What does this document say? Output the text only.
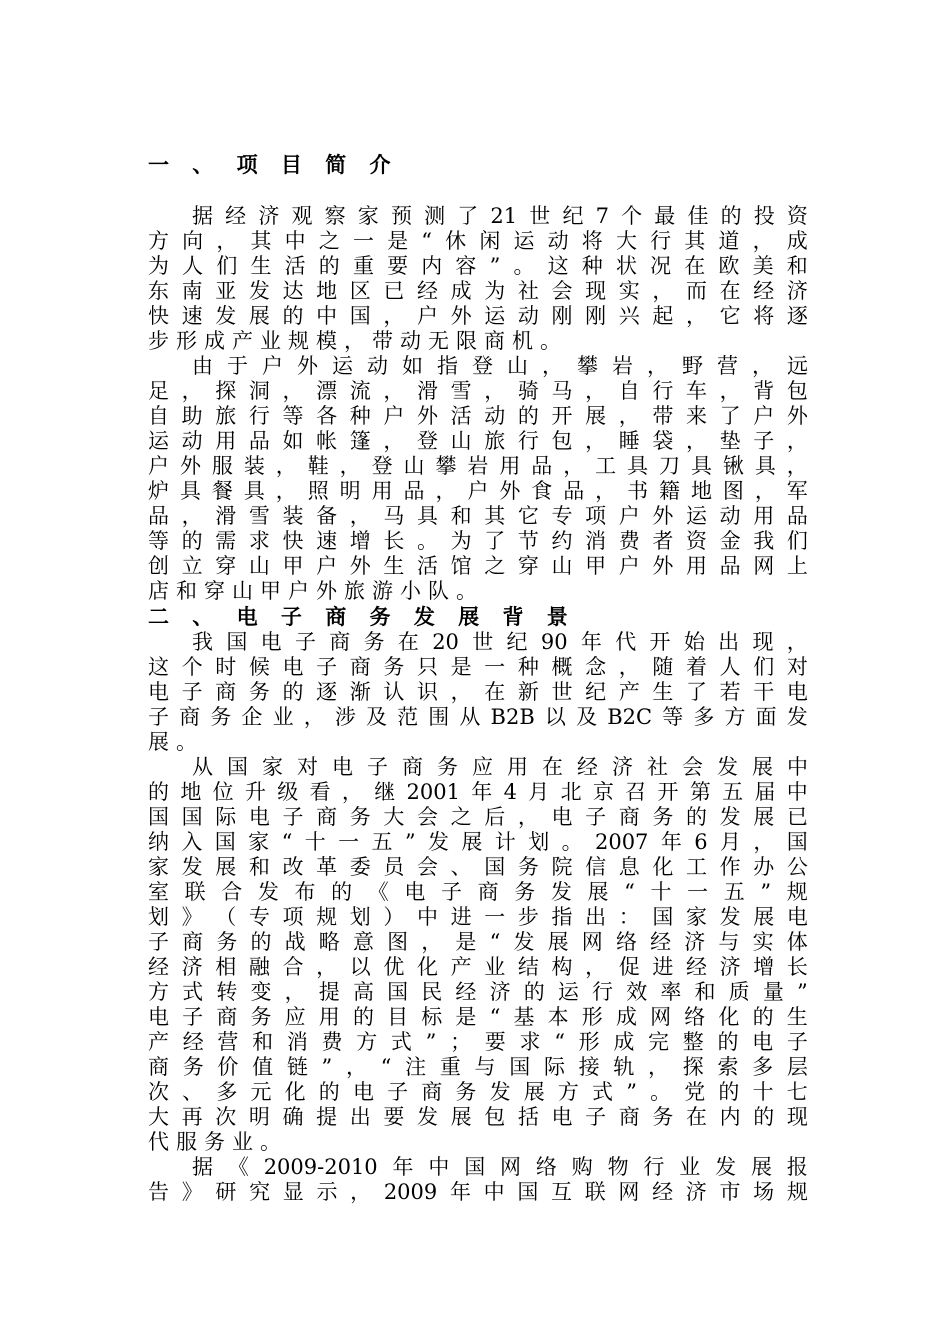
一 、 项 目 简 介
据 经 济 观 察 家 预 测 了 21 世 纪 7 个 最 佳 的 投 资
方 向 ， 其 中 之 一 是 “ 休 闲 运 动 将 大 行 其 道 ， 成
为 人 们 生 活 的 重 要 内 容 ” 。 这 种 状 况 在 欧 美 和
东 南 亚 发 达 地 区 已 经 成 为 社 会 现 实 ， 而 在 经 济
快 速 发 展 的 中 国 ， 户 外 运 动 刚 刚 兴 起 ， 它 将 逐
步形成产业规模，带动无限商机。
由 于 户 外 运 动 如 指 登 山 ， 攀 岩 ， 野 营 ， 远
足 ， 探 洞 ， 漂 流 ， 滑 雪 ， 骑 马 ， 自 行 车 ， 背 包
自 助 旅 行 等 各 种 户 外 活 动 的 开 展 ， 带 来 了 户 外
运 动 用 品 如 帐 篷 ， 登 山 旅 行 包 ， 睡 袋 ， 垫 子 ，
户 外 服 装 ， 鞋 ， 登 山 攀 岩 用 品 ， 工 具 刀 具 锹 具 ，
炉 具 餐 具 ， 照 明 用 品 ， 户 外 食 品 ， 书 籍 地 图 ， 军
品 ， 滑 雪 装 备 ， 马 具 和 其 它 专 项 户 外 运 动 用 品
等 的 需 求 快 速 增 长 。 为 了 节 约 消 费 者 资 金 我 们
创 立 穿 山 甲 户 外 生 活 馆 之 穿 山 甲 户 外 用 品 网 上
店和穿山甲户外旅游小队。
二 、 电 子 商 务 发 展 背 景
我 国 电 子 商 务 在 20 世 纪 90 年 代 开 始 出 现 ，
这 个 时 候 电 子 商 务 只 是 一 种 概 念 ， 随 着 人 们 对
电 子 商 务 的 逐 渐 认 识 ， 在 新 世 纪 产 生 了 若 干 电
子 商 务 企 业 ， 涉 及 范 围 从 B2B 以 及 B2C 等 多 方 面 发
展。
从 国 家 对 电 子 商 务 应 用 在 经 济 社 会 发 展 中
的 地 位 升 级 看 ， 继 2001 年 4 月 北 京 召 开 第 五 届 中
国 国 际 电 子 商 务 大 会 之 后 ， 电 子 商 务 的 发 展 已
纳 入 国 家 “ 十 一 五 ” 发 展 计 划 。 2007 年 6 月 ， 国
家 发 展 和 改 革 委 员 会 、 国 务 院 信 息 化 工 作 办 公
室 联 合 发 布 的 《 电 子 商 务 发 展 “ 十 一 五 ” 规
划 》 （ 专 项 规 划 ） 中 进 一 步 指 出 ： 国 家 发 展 电
子 商 务 的 战 略 意 图 ， 是 “ 发 展 网 络 经 济 与 实 体
经 济 相 融 合 ， 以 优 化 产 业 结 构 ， 促 进 经 济 增 长
方 式 转 变 ， 提 高 国 民 经 济 的 运 行 效 率 和 质 量 ”
电 子 商 务 应 用 的 目 标 是 “ 基 本 形 成 网 络 化 的 生
产 经 营 和 消 费 方 式 ” ； 要 求 “ 形 成 完 整 的 电 子
商 务 价 值 链 ” ， “ 注 重 与 国 际 接 轨 ， 探 索 多 层
次 、 多 元 化 的 电 子 商 务 发 展 方 式 ” 。 党 的 十 七
大 再 次 明 确 提 出 要 发 展 包 括 电 子 商 务 在 内 的 现
代服务业。
据 《 2009-2010 年 中 国 网 络 购 物 行 业 发 展 报
告 》 研 究 显 示 ， 2009 年 中 国 互 联 网 经 济 市 场 规
